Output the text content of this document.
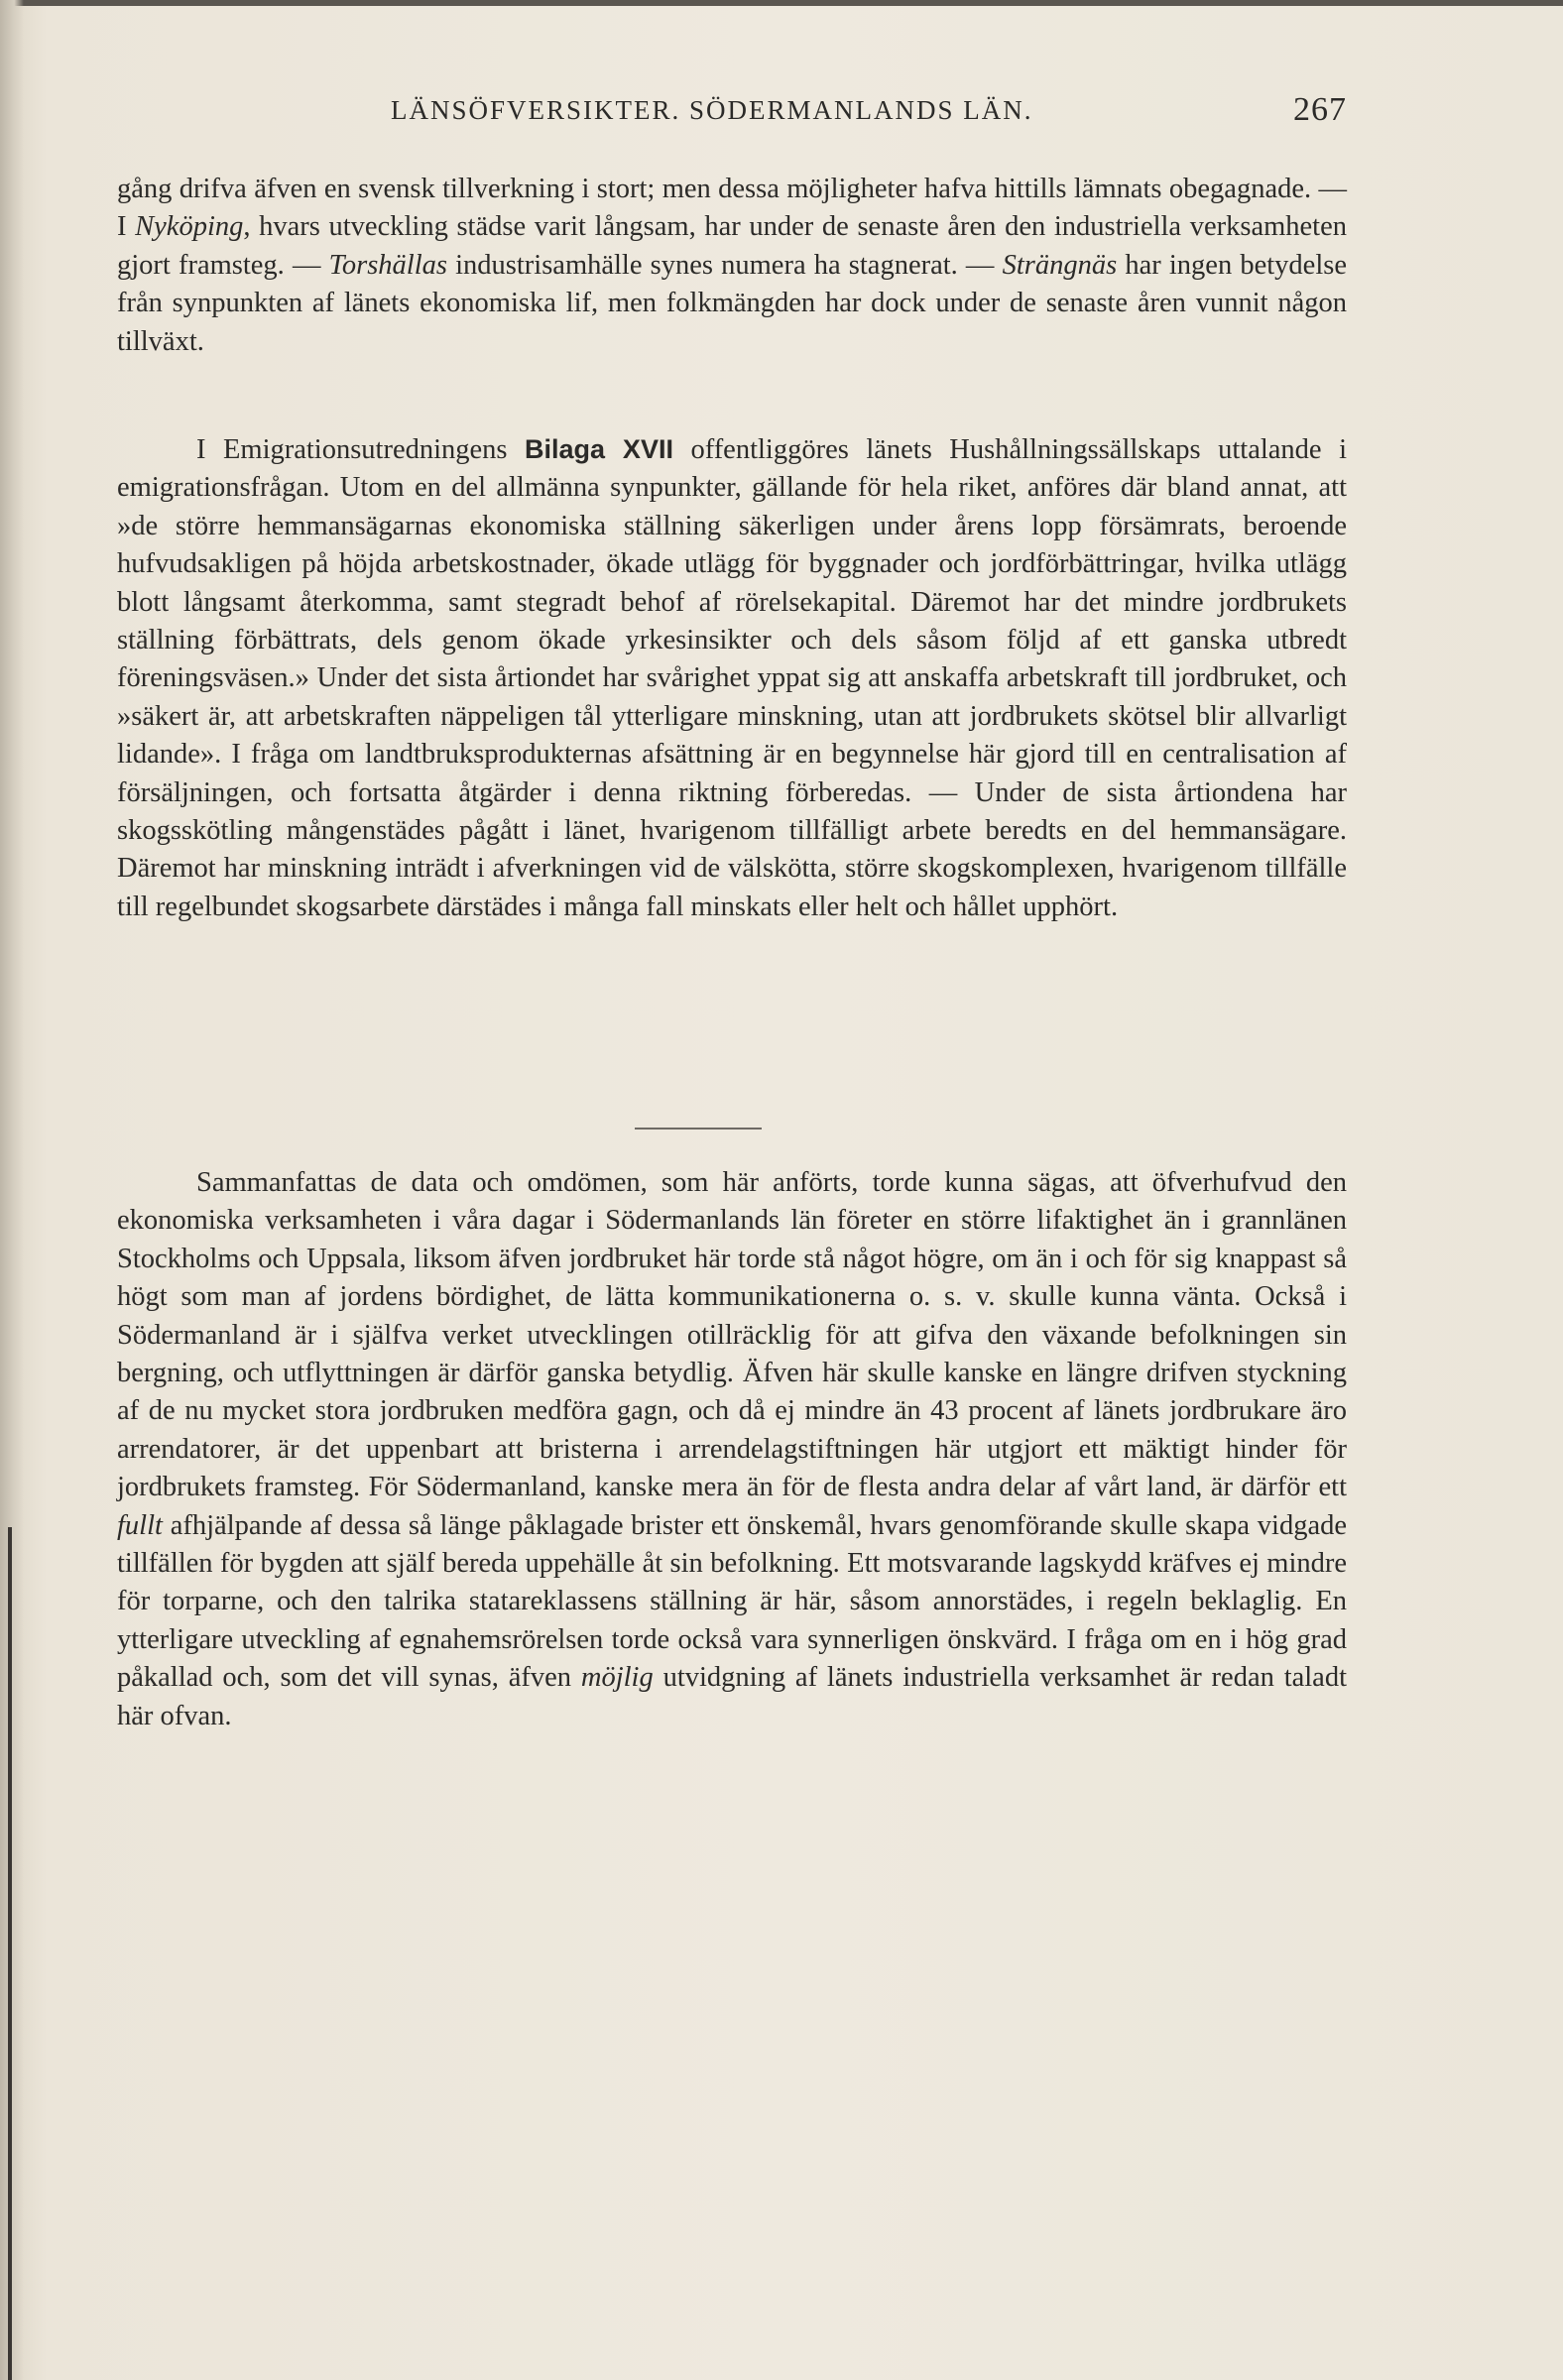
LÄNSÖFVERSIKTER. SÖDERMANLANDS LÄN.	267

gång drifva äfven en svensk tillverkning i stort; men dessa möjligheter hafva hittills lämnats obegagnade. — I Nyköping, hvars utveckling städse varit långsam, har under de senaste åren den industriella verksamheten gjort framsteg. — Torshällas industrisamhälle synes numera ha stagnerat. — Strängnäs har ingen betydelse från synpunkten af länets ekonomiska lif, men folkmängden har dock under de senaste åren vunnit någon tillväxt.

I Emigrationsutredningens Bilaga XVII offentliggöres länets Hushållningssällskaps uttalande i emigrationsfrågan. Utom en del allmänna synpunkter, gällande för hela riket, anföres där bland annat, att »de större hemmansägarnas ekonomiska ställning säkerligen under årens lopp försämrats, beroende hufvudsakligen på höjda arbetskostnader, ökade utlägg för byggnader och jordförbättringar, hvilka utlägg blott långsamt återkomma, samt stegradt behof af rörelsekapital. Däremot har det mindre jordbrukets ställning förbättrats, dels genom ökade yrkesinsikter och dels såsom följd af ett ganska utbredt föreningsväsen.» Under det sista årtiondet har svårighet yppat sig att anskaffa arbetskraft till jordbruket, och »säkert är, att arbetskraften näppeligen tål ytterligare minskning, utan att jordbrukets skötsel blir allvarligt lidande». I fråga om landtbruksprodukternas afsättning är en begynnelse här gjord till en centralisation af försäljningen, och fortsatta åtgärder i denna riktning förberedas. — Under de sista årtiondena har skogsskötling mångenstädes pågått i länet, hvarigenom tillfälligt arbete beredts en del hemmansägare. Däremot har minskning inträdt i afverkningen vid de välskötta, större skogskomplexen, hvarigenom tillfälle till regelbundet skogsarbete därstädes i många fall minskats eller helt och hållet upphört.

Sammanfattas de data och omdömen, som här anförts, torde kunna sägas, att öfverhufvud den ekonomiska verksamheten i våra dagar i Södermanlands län företer en större lifaktighet än i grannlänen Stockholms och Uppsala, liksom äfven jordbruket här torde stå något högre, om än i och för sig knappast så högt som man af jordens bördighet, de lätta kommunikationerna o. s. v. skulle kunna vänta. Också i Södermanland är i själfva verket utvecklingen otillräcklig för att gifva den växande befolkningen sin bergning, och utflyttningen är därför ganska betydlig. Äfven här skulle kanske en längre drifven styckning af de nu mycket stora jordbruken medföra gagn, och då ej mindre än 43 procent af länets jordbrukare äro arrendatorer, är det uppenbart att bristerna i arrendelagstiftningen här utgjort ett mäktigt hinder för jordbrukets framsteg. För Södermanland, kanske mera än för de flesta andra delar af vårt land, är därför ett fullt afhjälpande af dessa så länge påklagade brister ett önskemål, hvars genomförande skulle skapa vidgade tillfällen för bygden att själf bereda uppehälle åt sin befolkning. Ett motsvarande lagskydd kräfves ej mindre för torparne, och den talrika statareklassens ställning är här, såsom annorstädes, i regeln beklaglig. En ytterligare utveckling af egnahemsrörelsen torde också vara synnerligen önskvärd. I fråga om en i hög grad påkallad och, som det vill synas, äfven möjlig utvidgning af länets industriella verksamhet är redan taladt här ofvan.
